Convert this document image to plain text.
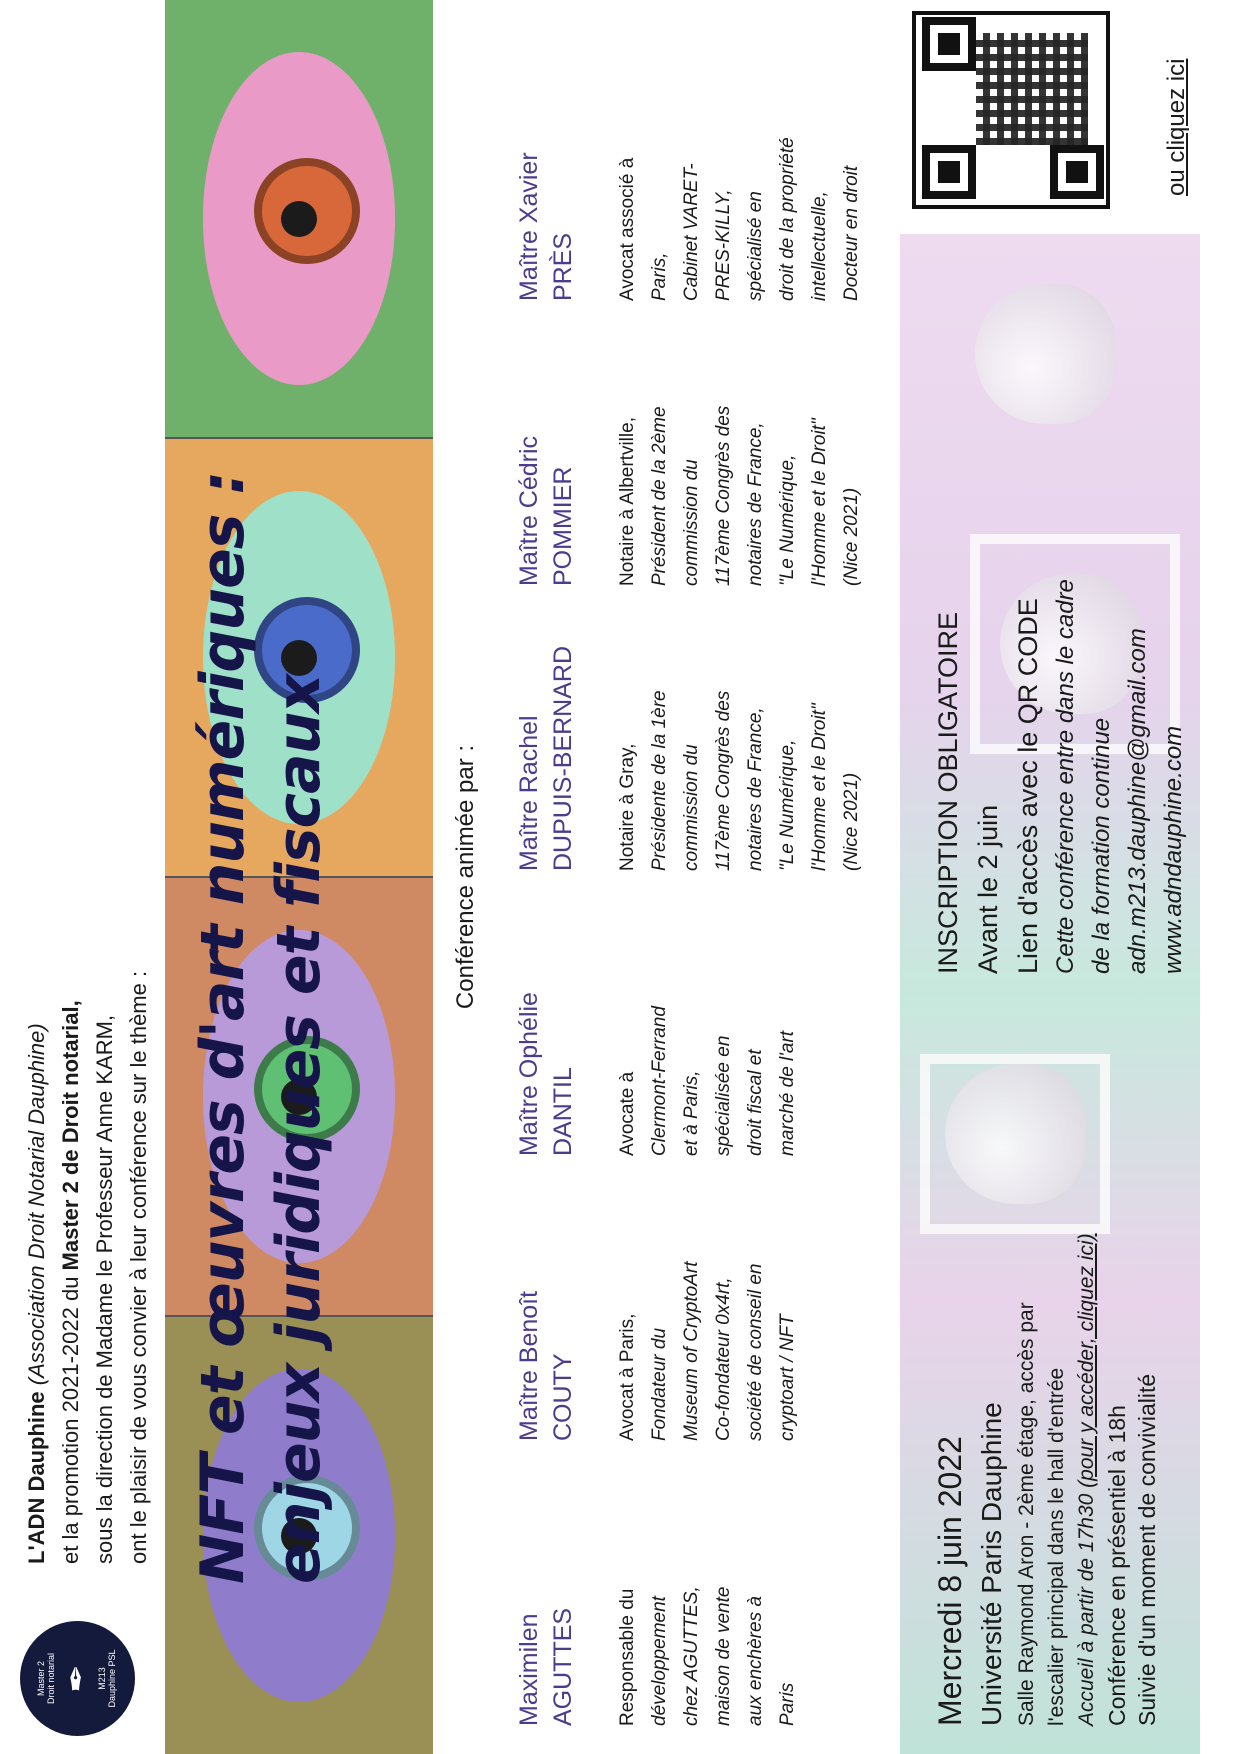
Master 2 Droit notarial ✒ M213 Dauphine PSL
L'ADN Dauphine (Association Droit Notarial Dauphine)
et la promotion 2021-2022 du Master 2 de Droit notarial, sous la direction de Madame le Professeur Anne KARM, ont le plaisir de vous convier à leur conférence sur le thème : NFT et œuvres d'art numériques : enjeux juridiques et fiscaux	Conférence animée par :
Maximilen AGUTTES Responsable du développement chez AGUTTES, maison de vente aux enchères à Paris
Maître Benoît COUTY Avocat à Paris, Fondateur du Museum of CryptoArt Co-fondateur 0x4rt, société de conseil en cryptoart / NFT
Maître Ophélie DANTIL Avocate à Clermont-Ferrand et à Paris, spécialisée en droit fiscal et marché de l'art
Maître Rachel DUPUIS-BERNARD Notaire à Gray, Présidente de la 1ère commission du 117ème Congrès des notaires de France, "Le Numérique, l'Homme et le Droit" (Nice 2021)
Maître Cédric POMMIER Notaire à Albertville, Président de la 2ème commission du 117ème Congrès des notaires de France, "Le Numérique, l'Homme et le Droit" (Nice 2021)
Maître Xavier PRÈS Avocat associé à Paris, Cabinet VARET- PRES-KILLY, spécialisé en droit de la propriété intellectuelle, Docteur en droit
Mercredi 8 juin 2022 Université Paris Dauphine Salle Raymond Aron - 2ème étage, accès par l'escalier principal dans le hall d'entrée Accueil à partir de 17h30 (pour y accéder, cliquez ici)
Conférence en présentiel à 18h Suivie d'un moment de convivialité
INSCRIPTION OBLIGATOIRE Avant le 2 juin Lien d'accès avec le QR CODE Cette conférence entre dans le cadre de la formation continue adn.m213.dauphine@gmail.com www.adndauphine.com
ou cliquez ici
